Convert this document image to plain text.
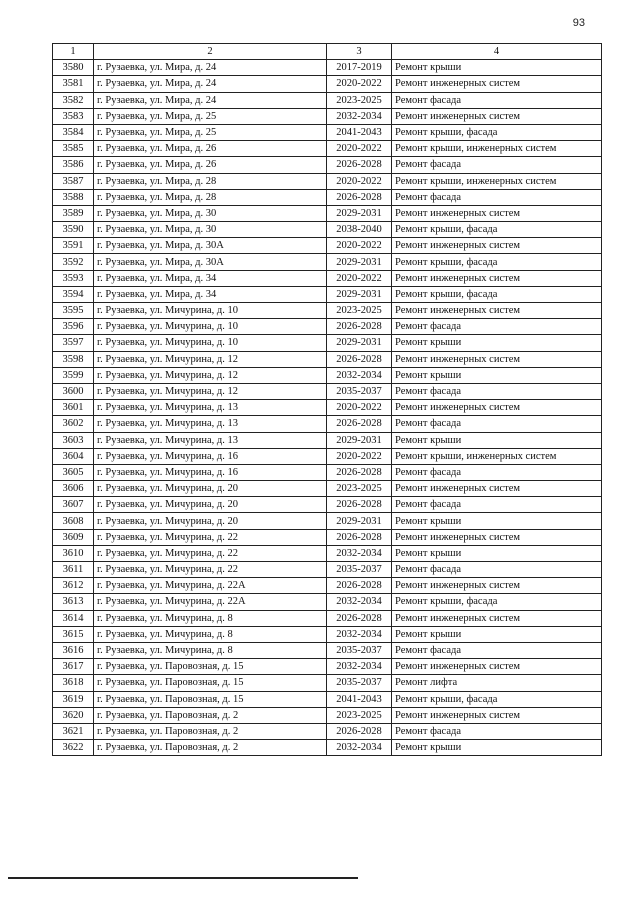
93
1	2	3	4
3580	г. Рузаевка, ул. Мира, д. 24	2017-2019	Ремонт крыши
3581	г. Рузаевка, ул. Мира, д. 24	2020-2022	Ремонт инженерных систем
3582	г. Рузаевка, ул. Мира, д. 24	2023-2025	Ремонт фасада
3583	г. Рузаевка, ул. Мира, д. 25	2032-2034	Ремонт инженерных систем
3584	г. Рузаевка, ул. Мира, д. 25	2041-2043	Ремонт крыши, фасада
3585	г. Рузаевка, ул. Мира, д. 26	2020-2022	Ремонт крыши, инженерных систем
3586	г. Рузаевка, ул. Мира, д. 26	2026-2028	Ремонт фасада
3587	г. Рузаевка, ул. Мира, д. 28	2020-2022	Ремонт крыши, инженерных систем
3588	г. Рузаевка, ул. Мира, д. 28	2026-2028	Ремонт фасада
3589	г. Рузаевка, ул. Мира, д. 30	2029-2031	Ремонт инженерных систем
3590	г. Рузаевка, ул. Мира, д. 30	2038-2040	Ремонт крыши, фасада
3591	г. Рузаевка, ул. Мира, д. 30А	2020-2022	Ремонт инженерных систем
3592	г. Рузаевка, ул. Мира, д. 30А	2029-2031	Ремонт крыши, фасада
3593	г. Рузаевка, ул. Мира, д. 34	2020-2022	Ремонт инженерных систем
3594	г. Рузаевка, ул. Мира, д. 34	2029-2031	Ремонт крыши, фасада
3595	г. Рузаевка, ул. Мичурина, д. 10	2023-2025	Ремонт инженерных систем
3596	г. Рузаевка, ул. Мичурина, д. 10	2026-2028	Ремонт фасада
3597	г. Рузаевка, ул. Мичурина, д. 10	2029-2031	Ремонт крыши
3598	г. Рузаевка, ул. Мичурина, д. 12	2026-2028	Ремонт инженерных систем
3599	г. Рузаевка, ул. Мичурина, д. 12	2032-2034	Ремонт крыши
3600	г. Рузаевка, ул. Мичурина, д. 12	2035-2037	Ремонт фасада
3601	г. Рузаевка, ул. Мичурина, д. 13	2020-2022	Ремонт инженерных систем
3602	г. Рузаевка, ул. Мичурина, д. 13	2026-2028	Ремонт фасада
3603	г. Рузаевка, ул. Мичурина, д. 13	2029-2031	Ремонт крыши
3604	г. Рузаевка, ул. Мичурина, д. 16	2020-2022	Ремонт крыши, инженерных систем
3605	г. Рузаевка, ул. Мичурина, д. 16	2026-2028	Ремонт фасада
3606	г. Рузаевка, ул. Мичурина, д. 20	2023-2025	Ремонт инженерных систем
3607	г. Рузаевка, ул. Мичурина, д. 20	2026-2028	Ремонт фасада
3608	г. Рузаевка, ул. Мичурина, д. 20	2029-2031	Ремонт крыши
3609	г. Рузаевка, ул. Мичурина, д. 22	2026-2028	Ремонт инженерных систем
3610	г. Рузаевка, ул. Мичурина, д. 22	2032-2034	Ремонт крыши
3611	г. Рузаевка, ул. Мичурина, д. 22	2035-2037	Ремонт фасада
3612	г. Рузаевка, ул. Мичурина, д. 22А	2026-2028	Ремонт инженерных систем
3613	г. Рузаевка, ул. Мичурина, д. 22А	2032-2034	Ремонт крыши, фасада
3614	г. Рузаевка, ул. Мичурина, д. 8	2026-2028	Ремонт инженерных систем
3615	г. Рузаевка, ул. Мичурина, д. 8	2032-2034	Ремонт крыши
3616	г. Рузаевка, ул. Мичурина, д. 8	2035-2037	Ремонт фасада
3617	г. Рузаевка, ул. Паровозная, д. 15	2032-2034	Ремонт инженерных систем
3618	г. Рузаевка, ул. Паровозная, д. 15	2035-2037	Ремонт лифта
3619	г. Рузаевка, ул. Паровозная, д. 15	2041-2043	Ремонт крыши, фасада
3620	г. Рузаевка, ул. Паровозная, д. 2	2023-2025	Ремонт инженерных систем
3621	г. Рузаевка, ул. Паровозная, д. 2	2026-2028	Ремонт фасада
3622	г. Рузаевка, ул. Паровозная, д. 2	2032-2034	Ремонт крыши
